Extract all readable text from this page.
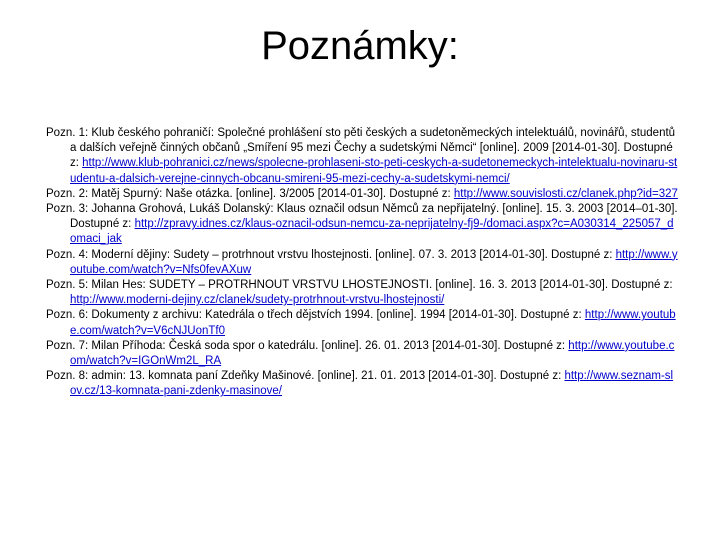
Poznámky:
Pozn. 1: Klub českého pohraničí: Společné prohlášení sto pěti českých a sudetoněmeckých intelektuálů, novinářů, studentů a dalších veřejně činných občanů „Smíření 95 mezi Čechy a sudetskými Němci“ [online]. 2009 [2014-01-30]. Dostupné z: http://www.klub-pohranici.cz/news/spolecne-prohlaseni-sto-peti-ceskych-a-sudetonemeckych-intelektualu-novinaru-studentu-a-dalsich-verejne-cinnych-obcanu-smireni-95-mezi-cechy-a-sudetskymi-nemci/
Pozn. 2: Matěj Spurný: Naše otázka. [online]. 3/2005 [2014-01-30]. Dostupné z: http://www.souvislosti.cz/clanek.php?id=327
Pozn. 3: Johanna Grohová, Lukáš Dolanský: Klaus označil odsun Němců za nepřijatelný. [online]. 15. 3. 2003 [2014–01-30]. Dostupné z: http://zpravy.idnes.cz/klaus-oznacil-odsun-nemcu-za-neprijatelny-fj9-/domaci.aspx?c=A030314_225057_domaci_jak
Pozn. 4: Moderní dějiny: Sudety – protrhnout vrstvu lhostejnosti. [online]. 07. 3. 2013 [2014-01-30]. Dostupné z: http://www.youtube.com/watch?v=Nfs0fevAXuw
Pozn. 5: Milan Hes: SUDETY – PROTRHNOUT VRSTVU LHOSTEJNOSTI. [online]. 16. 3. 2013 [2014-01-30]. Dostupné z: http://www.moderni-dejiny.cz/clanek/sudety-protrhnout-vrstvu-lhostejnosti/
Pozn. 6: Dokumenty z archivu: Katedrála o třech dějstvích 1994. [online]. 1994 [2014-01-30]. Dostupné z: http://www.youtube.com/watch?v=V6cNJUonTf0
Pozn. 7: Milan Příhoda: Česká soda spor o katedrálu. [online]. 26. 01. 2013 [2014-01-30]. Dostupné z: http://www.youtube.com/watch?v=IGOnWm2L_RA
Pozn. 8: admin: 13. komnata paní Zdeňky Mašinové. [online]. 21. 01. 2013 [2014-01-30]. Dostupné z: http://www.seznam-slov.cz/13-komnata-pani-zdenky-masinove/
